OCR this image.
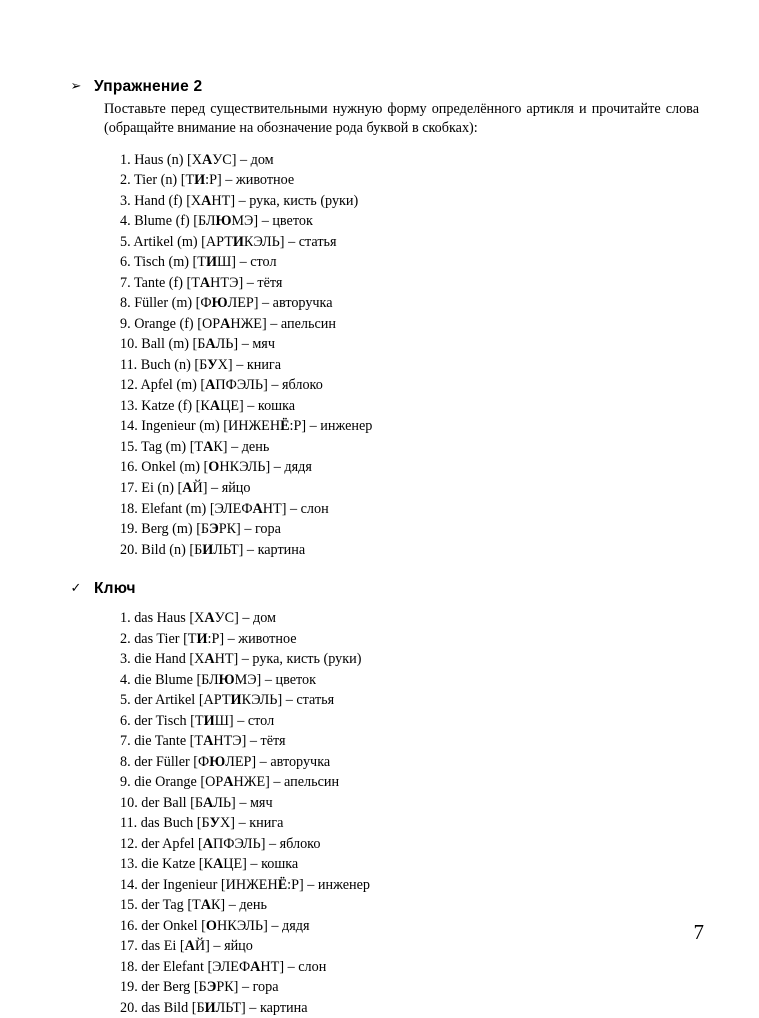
➢ Упражнение 2
Поставьте перед существительными нужную форму определённого артикля и прочитайте слова (обращайте внимание на обозначение рода буквой в скобках):
1. Haus (n) [ХАУС] – дом
2. Tier (n) [ТИ:Р] – животное
3. Hand (f) [ХАНТ] – рука, кисть (руки)
4. Blume (f) [БЛЮМЭ] – цветок
5. Artikel (m) [АРТИКЭЛЬ] – статья
6. Tisch (m) [ТИШ] – стол
7. Tante (f) [ТАНТЭ] – тётя
8. Füller (m) [ФЮЛЕР] – авторучка
9. Orange (f) [ОРАНЖЕ] – апельсин
10. Ball (m) [БАЛЬ] – мяч
11. Buch (n) [БУХ] – книга
12. Apfel (m) [АПФЭЛЬ] – яблоко
13. Katze (f) [КАЦЕ] – кошка
14. Ingenieur (m) [ИНЖЕНЁ:Р] – инженер
15. Tag (m) [ТАК] – день
16. Onkel (m) [ОНКЭЛЬ] – дядя
17. Ei (n) [АЙ] – яйцо
18. Elefant (m) [ЭЛЕФАНТ] – слон
19. Berg (m) [БЭРК] – гора
20. Bild (n) [БИЛЬТ] – картина
✓ Ключ
1. das Haus [ХАУС] – дом
2. das Tier [ТИ:Р] – животное
3. die Hand [ХАНТ] – рука, кисть (руки)
4. die Blume [БЛЮМЭ] – цветок
5. der Artikel [АРТИКЭЛЬ] – статья
6. der Tisch [ТИШ] – стол
7. die Tante [ТАНТЭ] – тётя
8. der Füller [ФЮЛЕР] – авторучка
9. die Orange [ОРАНЖЕ] – апельсин
10. der Ball [БАЛЬ] – мяч
11. das Buch [БУХ] – книга
12. der Apfel [АПФЭЛЬ] – яблоко
13. die Katze [КАЦЕ] – кошка
14. der Ingenieur [ИНЖЕНЁ:Р] – инженер
15. der Tag [ТАК] – день
16. der Onkel [ОНКЭЛЬ] – дядя
17. das Ei [АЙ] – яйцо
18. der Elefant [ЭЛЕФАНТ] – слон
19. der Berg [БЭРК] – гора
20. das Bild [БИЛЬТ] – картина
7
